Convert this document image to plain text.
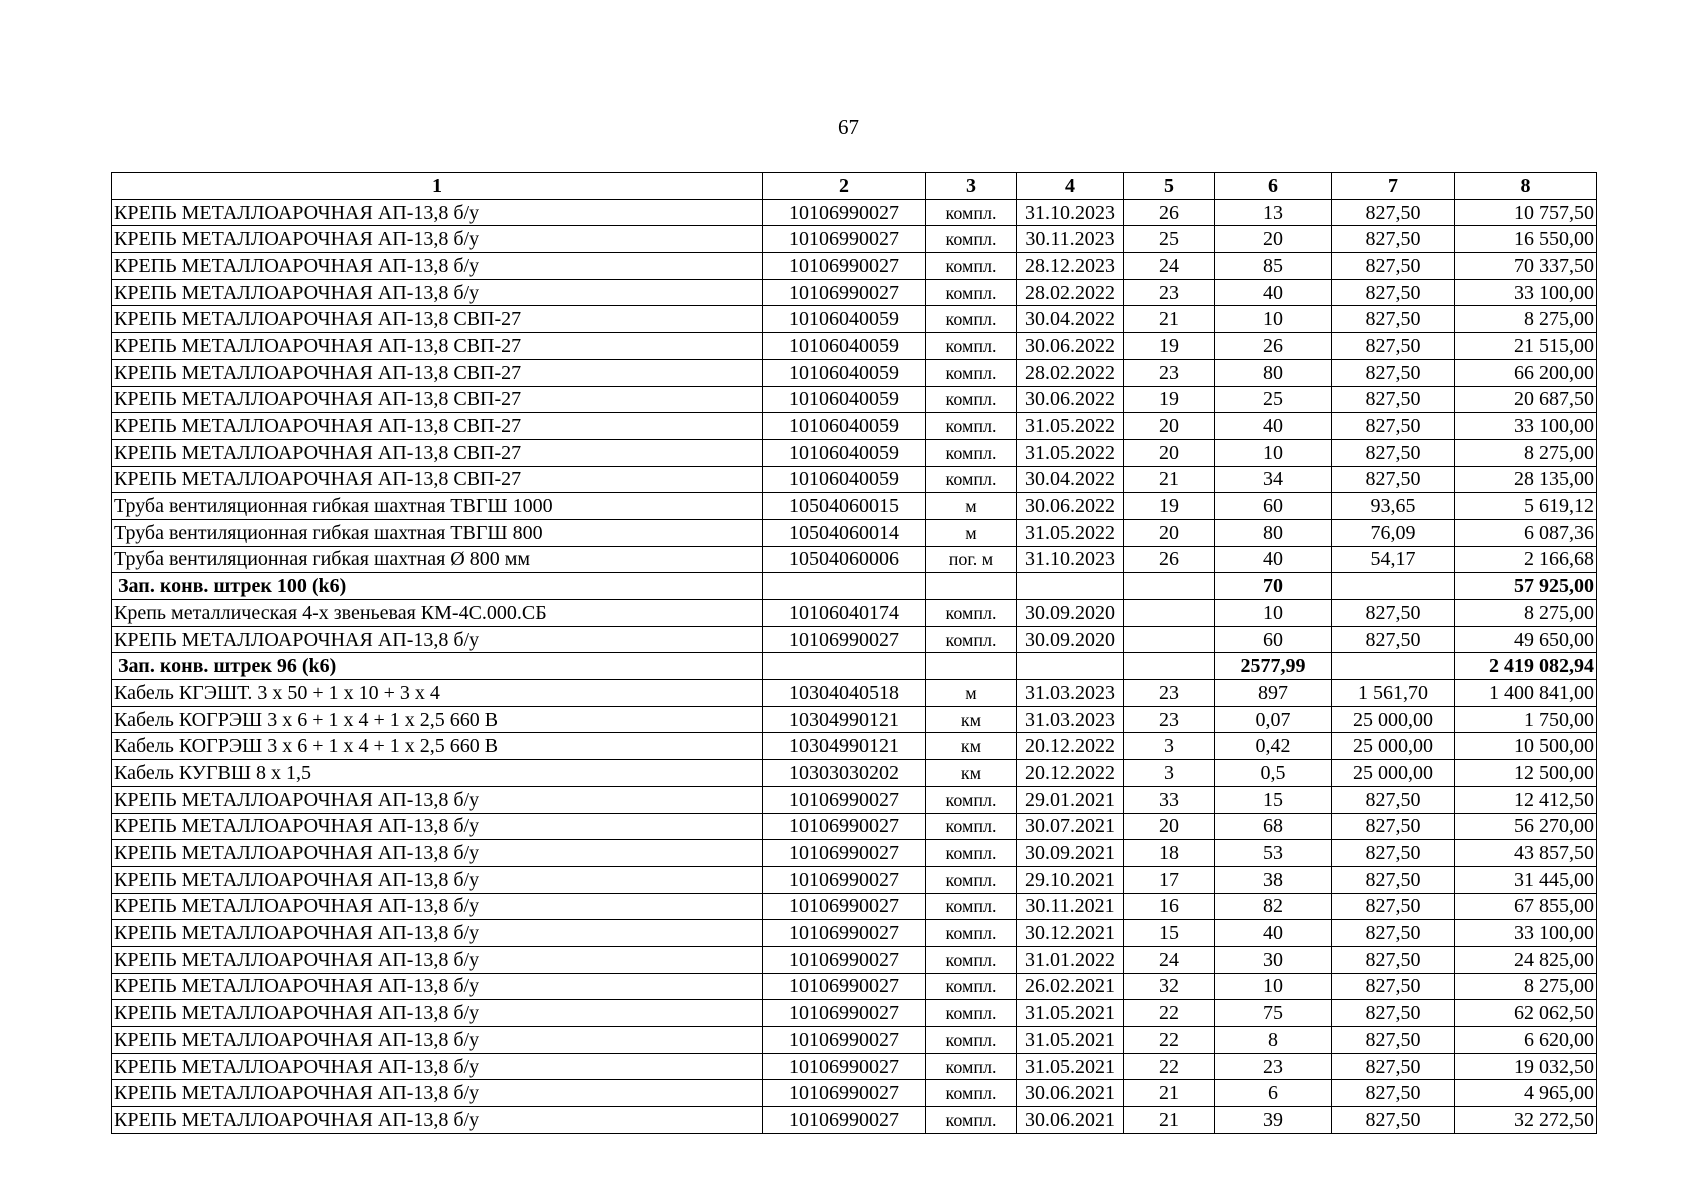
67
1	2	3	4	5	6	7	8
КРЕПЬ МЕТАЛЛОАРОЧНАЯ АП-13,8 б/у	10106990027	компл.	31.10.2023	26	13	827,50	10 757,50
КРЕПЬ МЕТАЛЛОАРОЧНАЯ АП-13,8 б/у	10106990027	компл.	30.11.2023	25	20	827,50	16 550,00
КРЕПЬ МЕТАЛЛОАРОЧНАЯ АП-13,8 б/у	10106990027	компл.	28.12.2023	24	85	827,50	70 337,50
КРЕПЬ МЕТАЛЛОАРОЧНАЯ АП-13,8 б/у	10106990027	компл.	28.02.2022	23	40	827,50	33 100,00
КРЕПЬ МЕТАЛЛОАРОЧНАЯ АП-13,8 СВП-27	10106040059	компл.	30.04.2022	21	10	827,50	8 275,00
КРЕПЬ МЕТАЛЛОАРОЧНАЯ АП-13,8 СВП-27	10106040059	компл.	30.06.2022	19	26	827,50	21 515,00
КРЕПЬ МЕТАЛЛОАРОЧНАЯ АП-13,8 СВП-27	10106040059	компл.	28.02.2022	23	80	827,50	66 200,00
КРЕПЬ МЕТАЛЛОАРОЧНАЯ АП-13,8 СВП-27	10106040059	компл.	30.06.2022	19	25	827,50	20 687,50
КРЕПЬ МЕТАЛЛОАРОЧНАЯ АП-13,8 СВП-27	10106040059	компл.	31.05.2022	20	40	827,50	33 100,00
КРЕПЬ МЕТАЛЛОАРОЧНАЯ АП-13,8 СВП-27	10106040059	компл.	31.05.2022	20	10	827,50	8 275,00
КРЕПЬ МЕТАЛЛОАРОЧНАЯ АП-13,8 СВП-27	10106040059	компл.	30.04.2022	21	34	827,50	28 135,00
Труба вентиляционная гибкая шахтная ТВГШ 1000	10504060015	м	30.06.2022	19	60	93,65	5 619,12
Труба вентиляционная гибкая шахтная ТВГШ 800	10504060014	м	31.05.2022	20	80	76,09	6 087,36
Труба вентиляционная гибкая шахтная Ø 800 мм	10504060006	пог. м	31.10.2023	26	40	54,17	2 166,68
Зап. конв. штрек 100 (k6)					70		57 925,00
Крепь металлическая 4-х звеньевая КМ-4С.000.СБ	10106040174	компл.	30.09.2020		10	827,50	8 275,00
КРЕПЬ МЕТАЛЛОАРОЧНАЯ АП-13,8 б/у	10106990027	компл.	30.09.2020		60	827,50	49 650,00
Зап. конв. штрек 96 (k6)					2577,99		2 419 082,94
Кабель КГЭШТ. 3 х 50 + 1 х 10 + 3 х 4	10304040518	м	31.03.2023	23	897	1 561,70	1 400 841,00
Кабель КОГРЭШ 3 х 6 + 1 х 4 + 1 х 2,5 660 В	10304990121	км	31.03.2023	23	0,07	25 000,00	1 750,00
Кабель КОГРЭШ 3 х 6 + 1 х 4 + 1 х 2,5 660 В	10304990121	км	20.12.2022	3	0,42	25 000,00	10 500,00
Кабель КУГВШ 8 х 1,5	10303030202	км	20.12.2022	3	0,5	25 000,00	12 500,00
КРЕПЬ МЕТАЛЛОАРОЧНАЯ АП-13,8 б/у	10106990027	компл.	29.01.2021	33	15	827,50	12 412,50
КРЕПЬ МЕТАЛЛОАРОЧНАЯ АП-13,8 б/у	10106990027	компл.	30.07.2021	20	68	827,50	56 270,00
КРЕПЬ МЕТАЛЛОАРОЧНАЯ АП-13,8 б/у	10106990027	компл.	30.09.2021	18	53	827,50	43 857,50
КРЕПЬ МЕТАЛЛОАРОЧНАЯ АП-13,8 б/у	10106990027	компл.	29.10.2021	17	38	827,50	31 445,00
КРЕПЬ МЕТАЛЛОАРОЧНАЯ АП-13,8 б/у	10106990027	компл.	30.11.2021	16	82	827,50	67 855,00
КРЕПЬ МЕТАЛЛОАРОЧНАЯ АП-13,8 б/у	10106990027	компл.	30.12.2021	15	40	827,50	33 100,00
КРЕПЬ МЕТАЛЛОАРОЧНАЯ АП-13,8 б/у	10106990027	компл.	31.01.2022	24	30	827,50	24 825,00
КРЕПЬ МЕТАЛЛОАРОЧНАЯ АП-13,8 б/у	10106990027	компл.	26.02.2021	32	10	827,50	8 275,00
КРЕПЬ МЕТАЛЛОАРОЧНАЯ АП-13,8 б/у	10106990027	компл.	31.05.2021	22	75	827,50	62 062,50
КРЕПЬ МЕТАЛЛОАРОЧНАЯ АП-13,8 б/у	10106990027	компл.	31.05.2021	22	8	827,50	6 620,00
КРЕПЬ МЕТАЛЛОАРОЧНАЯ АП-13,8 б/у	10106990027	компл.	31.05.2021	22	23	827,50	19 032,50
КРЕПЬ МЕТАЛЛОАРОЧНАЯ АП-13,8 б/у	10106990027	компл.	30.06.2021	21	6	827,50	4 965,00
КРЕПЬ МЕТАЛЛОАРОЧНАЯ АП-13,8 б/у	10106990027	компл.	30.06.2021	21	39	827,50	32 272,50
